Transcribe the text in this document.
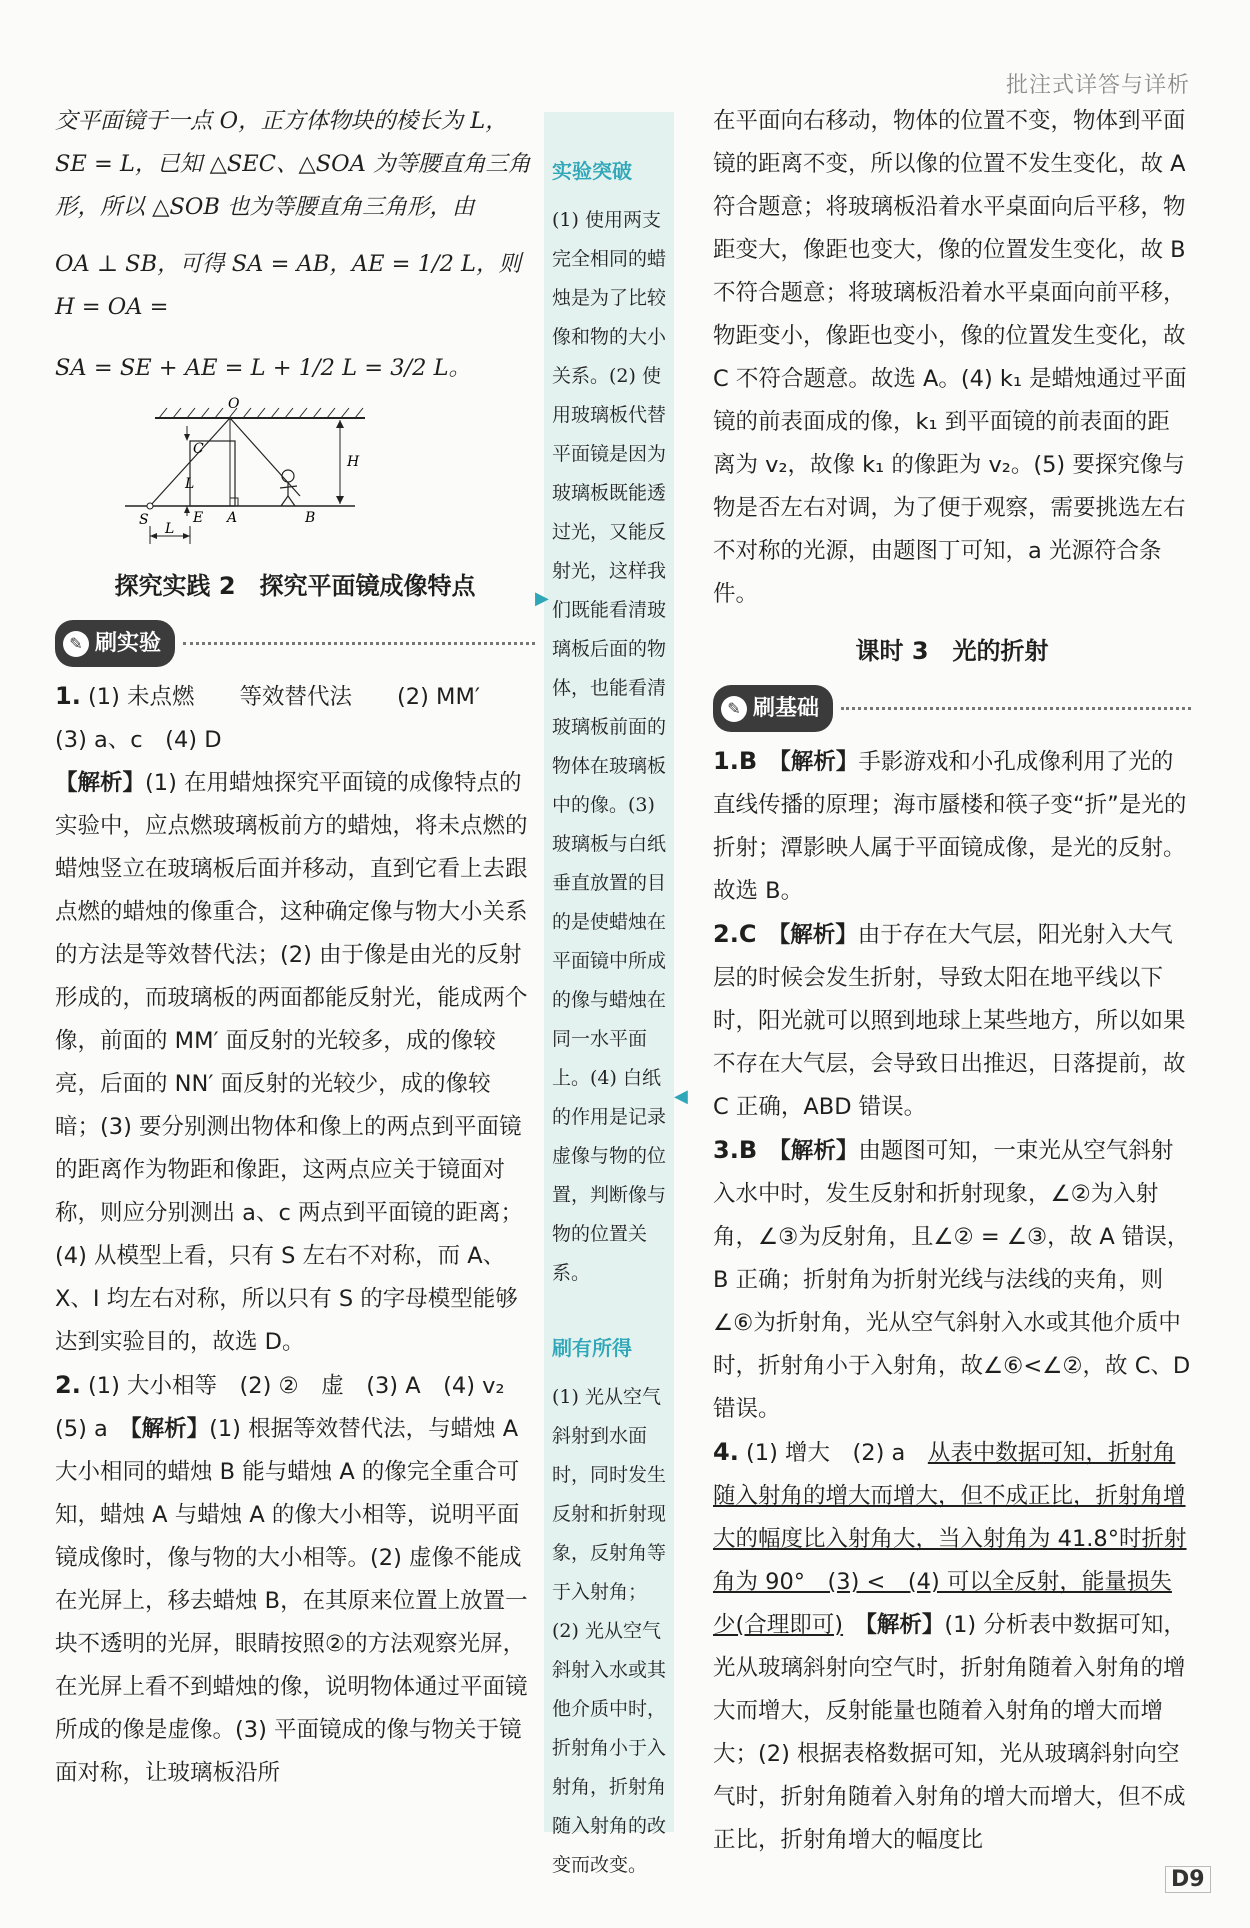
批注式详答与详析

交平面镜于一点 O，正方体物块的棱长为 L，

SE = L，已知 △SEC、△SOA 为等腰直角三角

形，所以 △SOB 也为等腰直角三角形，由

OA ⊥ SB，可得 SA = AB，AE = 1/2 L，则 H = OA =

SA = SE + AE = L + 1/2 L = 3/2 L。

O
C
L
H
S	E A	B
L
探究实践 2　探究平面镜成像特点
✎ 刷实验

1. (1) 未点燃　　等效替代法　　(2) MM′

(3) a、c　(4) D

【解析】(1) 在用蜡烛探究平面镜的成像特点的实验中，应点燃玻璃板前方的蜡烛，将未点燃的蜡烛竖立在玻璃板后面并移动，直到它看上去跟点燃的蜡烛的像重合，这种确定像与物大小关系的方法是等效替代法；(2) 由于像是由光的反射形成的，而玻璃板的两面都能反射光，能成两个像，前面的 MM′ 面反射的光较多，成的像较亮，后面的 NN′ 面反射的光较少，成的像较暗；(3) 要分别测出物体和像上的两点到平面镜的距离作为物距和像距，这两点应关于镜面对称，则应分别测出 a、c 两点到平面镜的距离；(4) 从模型上看，只有 S 左右不对称，而 A、X、I 均左右对称，所以只有 S 的字母模型能够达到实验目的，故选 D。

2. (1) 大小相等　(2) ②　虚　(3) A　(4) v₂

(5) a　 【解析】(1) 根据等效替代法，与蜡烛 A 大小相同的蜡烛 B 能与蜡烛 A 的像完全重合可知，蜡烛 A 与蜡烛 A 的像大小相等，说明平面镜成像时，像与物的大小相等。(2) 虚像不能成在光屏上，移去蜡烛 B，在其原来位置上放置一块不透明的光屏，眼睛按照②的方法观察光屏，在光屏上看不到蜡烛的像，说明物体通过平面镜所成的像是虚像。(3) 平面镜成的像与物关于镜面对称，让玻璃板沿所

实验突破

(1) 使用两支完全相同的蜡烛是为了比较像和物的大小关系。(2) 使用玻璃板代替平面镜是因为玻璃板既能透过光，又能反射光，这样我们既能看清玻璃板后面的物体，也能看清玻璃板前面的物体在玻璃板中的像。(3) 玻璃板与白纸垂直放置的目的是使蜡烛在平面镜中所成的像与蜡烛在同一水平面上。(4) 白纸的作用是记录虚像与物的位置，判断像与物的位置关系。

刷有所得

(1) 光从空气斜射到水面时，同时发生反射和折射现象，反射角等于入射角；(2) 光从空气斜射入水或其他介质中时，折射角小于入射角，折射角随入射角的改变而改变。

▶
◀

在平面向右移动，物体的位置不变，物体到平面镜的距离不变，所以像的位置不发生变化，故 A 符合题意；将玻璃板沿着水平桌面向后平移，物距变大，像距也变大，像的位置发生变化，故 B 不符合题意；将玻璃板沿着水平桌面向前平移，物距变小，像距也变小，像的位置发生变化，故 C 不符合题意。故选 A。(4) k₁ 是蜡烛通过平面镜的前表面成的像，k₁ 到平面镜的前表面的距离为 v₂，故像 k₁ 的像距为 v₂。(5) 要探究像与物是否左右对调，为了便于观察，需要挑选左右不对称的光源，由题图丁可知，a 光源符合条件。

课时 3　光的折射
✎ 刷基础

1.B　 【解析】手影游戏和小孔成像利用了光的直线传播的原理；海市蜃楼和筷子变“折”是光的折射；潭影映人属于平面镜成像，是光的反射。故选 B。

2.C　 【解析】由于存在大气层，阳光射入大气层的时候会发生折射，导致太阳在地平线以下时，阳光就可以照到地球上某些地方，所以如果不存在大气层，会导致日出推迟，日落提前，故 C 正确，ABD 错误。

3.B　 【解析】由题图可知，一束光从空气斜射入水中时，发生反射和折射现象，∠②为入射角，∠③为反射角，且∠② = ∠③，故 A 错误，B 正确；折射角为折射光线与法线的夹角，则∠⑥为折射角，光从空气斜射入水或其他介质中时，折射角小于入射角，故∠⑥<∠②，故 C、D 错误。

4. (1) 增大　(2) a　从表中数据可知，折射角随入射角的增大而增大，但不成正比，折射角增大的幅度比入射角大，当入射角为 41.8°时折射角为 90°　(3) <　(4) 可以全反射，能量损失少(合理即可)　 【解析】(1) 分析表中数据可知，光从玻璃斜射向空气时，折射角随着入射角的增大而增大，反射能量也随着入射角的增大而增大；(2) 根据表格数据可知，光从玻璃斜射向空气时，折射角随着入射角的增大而增大，但不成正比，折射角增大的幅度比

D9
